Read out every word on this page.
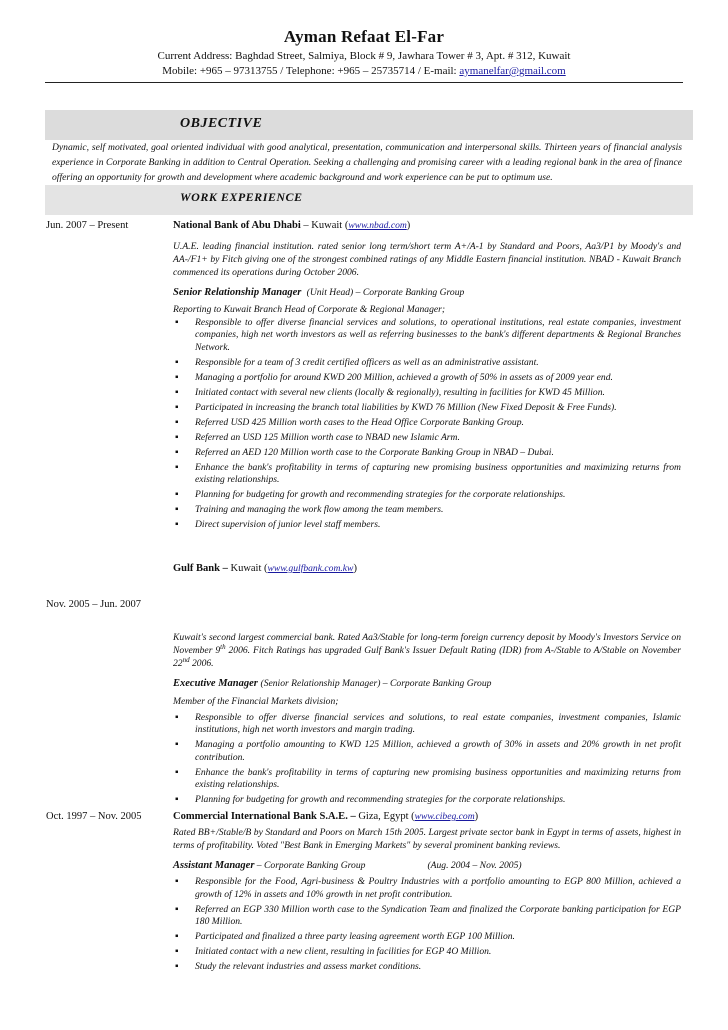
Ayman Refaat El-Far
Current Address: Baghdad Street, Salmiya, Block # 9, Jawhara Tower # 3, Apt. # 312, Kuwait
Mobile: +965 – 97313755 / Telephone: +965 – 25735714 / E-mail: aymanelfar@gmail.com
OBJECTIVE
Dynamic, self motivated, goal oriented individual with good analytical, presentation, communication and interpersonal skills. Thirteen years of financial analysis experience in Corporate Banking in addition to Central Operation. Seeking a challenging and promising career with a leading regional bank in the area of finance offering an opportunity for growth and development where academic background and work experience can be put to optimum use.
WORK EXPERIENCE
Jun. 2007 – Present	National Bank of Abu Dhabi – Kuwait (www.nbad.com)
U.A.E. leading financial institution. rated senior long term/short term A+/A-1 by Standard and Poors, Aa3/P1 by Moody's and AA-/F1+ by Fitch giving one of the strongest combined ratings of any Middle Eastern financial institution. NBAD - Kuwait Branch commenced its operations during October 2006.
Senior Relationship Manager (Unit Head) – Corporate Banking Group
Reporting to Kuwait Branch Head of Corporate & Regional Manager;
▪ Responsible to offer diverse financial services and solutions, to operational institutions, real estate companies, investment companies, high net worth investors as well as referring businesses to the bank's different departments & Regional Branches Network.
▪ Responsible for a team of 3 credit certified officers as well as an administrative assistant.
▪ Managing a portfolio for around KWD 200 Million, achieved a growth of 50% in assets as of 2009 year end.
▪ Initiated contact with several new clients (locally & regionally), resulting in facilities for KWD 45 Million.
▪ Participated in increasing the branch total liabilities by KWD 76 Million (New Fixed Deposit & Free Funds).
▪ Referred USD 425 Million worth cases to the Head Office Corporate Banking Group.
▪ Referred an USD 125 Million worth case to NBAD new Islamic Arm.
▪ Referred an AED 120 Million worth case to the Corporate Banking Group in NBAD – Dubai.
▪ Enhance the bank's profitability in terms of capturing new promising business opportunities and maximizing returns from existing relationships.
▪ Planning for budgeting for growth and recommending strategies for the corporate relationships.
▪ Training and managing the work flow among the team members.
▪ Direct supervision of junior level staff members.
Gulf Bank – Kuwait (www.gulfbank.com.kw)
Nov. 2005 – Jun. 2007
Kuwait's second largest commercial bank. Rated Aa3/Stable for long-term foreign currency deposit by Moody's Investors Service on November 9th 2006. Fitch Ratings has upgraded Gulf Bank's Issuer Default Rating (IDR) from A-/Stable to A/Stable on November 22nd 2006.
Executive Manager (Senior Relationship Manager) – Corporate Banking Group
Member of the Financial Markets division;
▪ Responsible to offer diverse financial services and solutions, to real estate companies, investment companies, Islamic institutions, high net worth investors and margin trading.
▪ Managing a portfolio amounting to KWD 125 Million, achieved a growth of 30% in assets and 20% growth in net profit contribution.
▪ Enhance the bank's profitability in terms of capturing new promising business opportunities and maximizing returns from existing relationships.
▪ Planning for budgeting for growth and recommending strategies for the corporate relationships.
Oct. 1997 – Nov. 2005	Commercial International Bank S.A.E. – Giza, Egypt (www.cibeg.com)
Rated BB+/Stable/B by Standard and Poors on March 15th 2005. Largest private sector bank in Egypt in terms of assets, highest in terms of profitability. Voted "Best Bank in Emerging Markets" by several prominent banking reviews.
Assistant Manager – Corporate Banking Group	(Aug. 2004 – Nov. 2005)
▪ Responsible for the Food, Agri-business & Poultry Industries with a portfolio amounting to EGP 800 Million, achieved a growth of 12% in assets and 10% growth in net profit contribution.
▪ Referred an EGP 330 Million worth case to the Syndication Team and finalized the Corporate banking participation for EGP 180 Million.
▪ Participated and finalized a three party leasing agreement worth EGP 100 Million.
▪ Initiated contact with a new client, resulting in facilities for EGP 4O Million.
▪ Study the relevant industries and assess market conditions.
